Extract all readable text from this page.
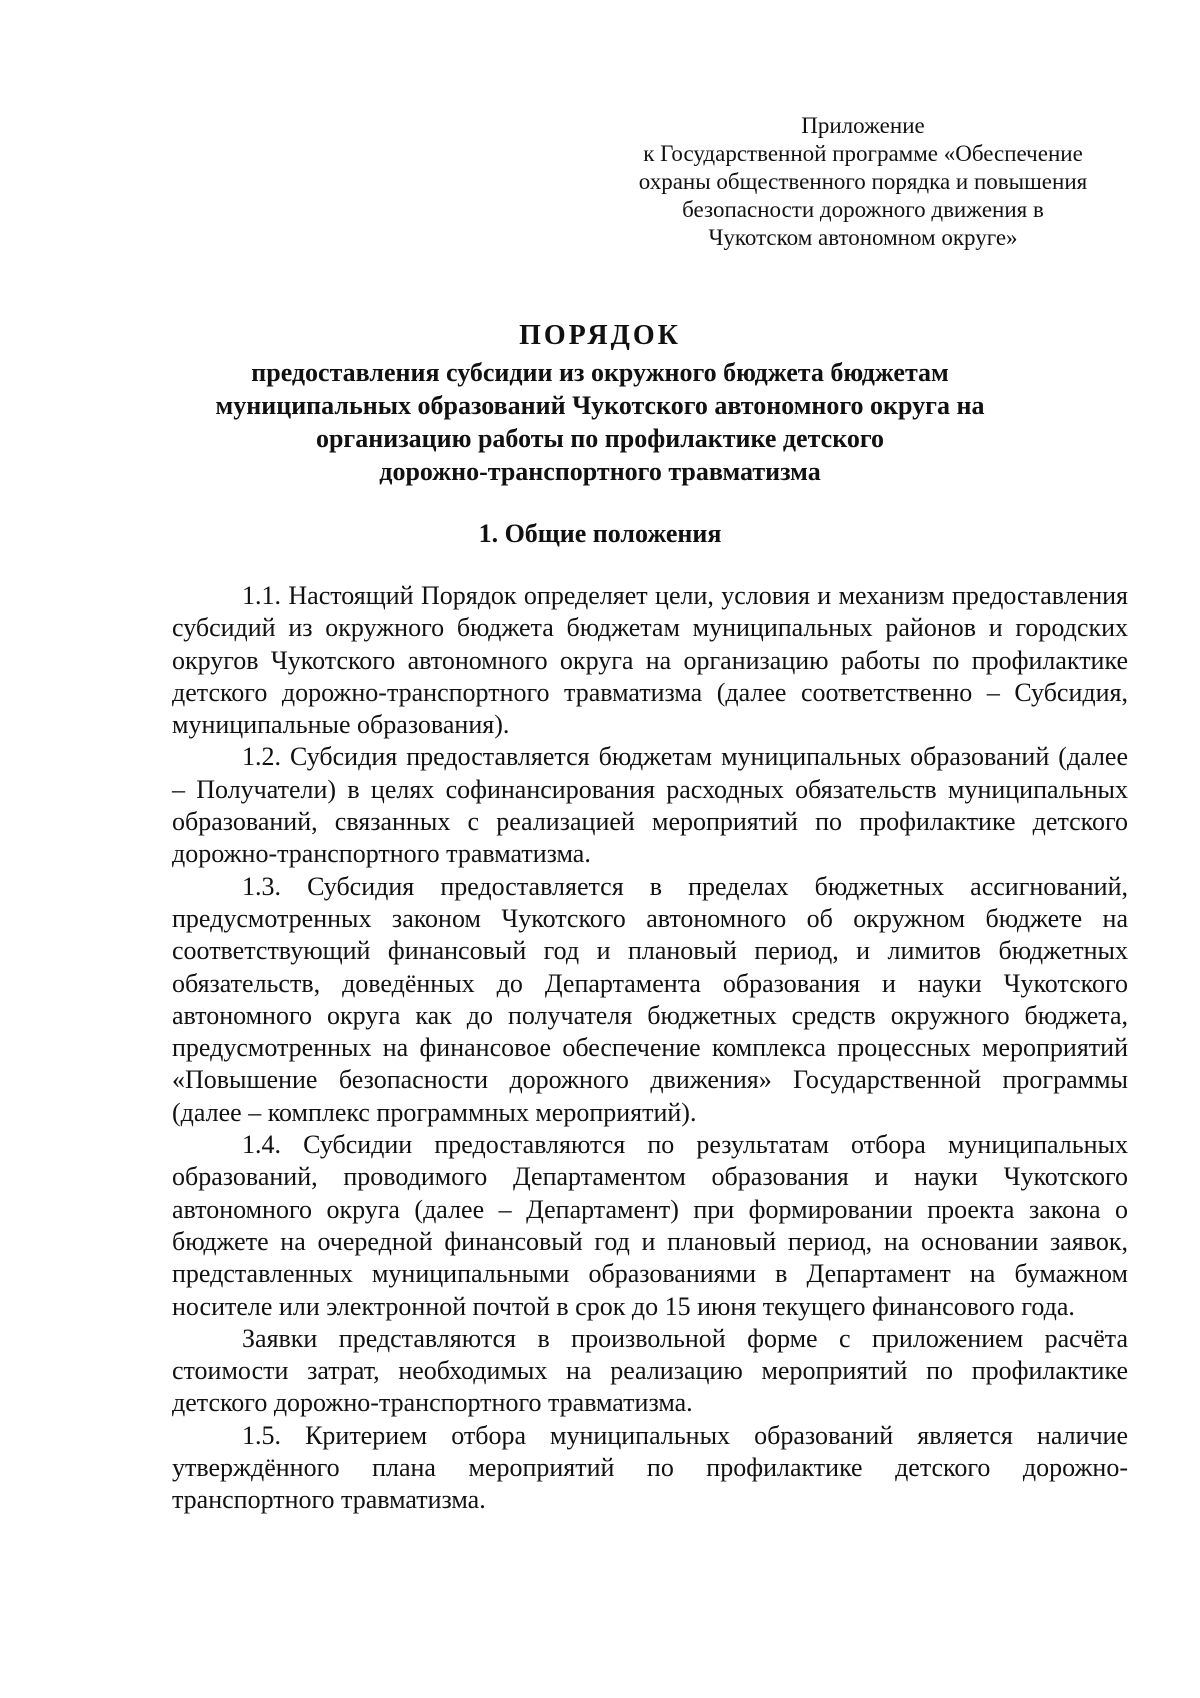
Приложение
к Государственной программе «Обеспечение
охраны общественного порядка и повышения
безопасности дорожного движения в
Чукотском автономном округе»
ПОРЯДОК
предоставления субсидии из окружного бюджета бюджетам
муниципальных образований Чукотского автономного округа на
организацию работы по профилактике детского
дорожно-транспортного травматизма
1. Общие положения

1.1. Настоящий Порядок определяет цели, условия и механизм предоставления субсидий из окружного бюджета бюджетам муниципальных районов и городских округов Чукотского автономного округа на организацию работы по профилактике детского дорожно-транспортного травматизма (далее соответственно – Субсидия, муниципальные образования).

1.2. Субсидия предоставляется бюджетам муниципальных образований (далее – Получатели) в целях софинансирования расходных обязательств муниципальных образований, связанных с реализацией мероприятий по профилактике детского дорожно-транспортного травматизма.

1.3. Субсидия предоставляется в пределах бюджетных ассигнований, предусмотренных законом Чукотского автономного об окружном бюджете на соответствующий финансовый год и плановый период, и лимитов бюджетных обязательств, доведённых до Департамента образования и науки Чукотского автономного округа как до получателя бюджетных средств окружного бюджета, предусмотренных на финансовое обеспечение комплекса процессных мероприятий «Повышение безопасности дорожного движения» Государственной программы (далее – комплекс программных мероприятий).

1.4. Субсидии предоставляются по результатам отбора муниципальных образований, проводимого Департаментом образования и науки Чукотского автономного округа (далее – Департамент) при формировании проекта закона о бюджете на очередной финансовый год и плановый период, на основании заявок, представленных муниципальными образованиями в Департамент на бумажном носителе или электронной почтой в срок до 15 июня текущего финансового года.

Заявки представляются в произвольной форме с приложением расчёта стоимости затрат, необходимых на реализацию мероприятий по профилактике детского дорожно-транспортного травматизма.

1.5. Критерием отбора муниципальных образований является наличие утверждённого плана мероприятий по профилактике детского дорожно-транспортного травматизма.
